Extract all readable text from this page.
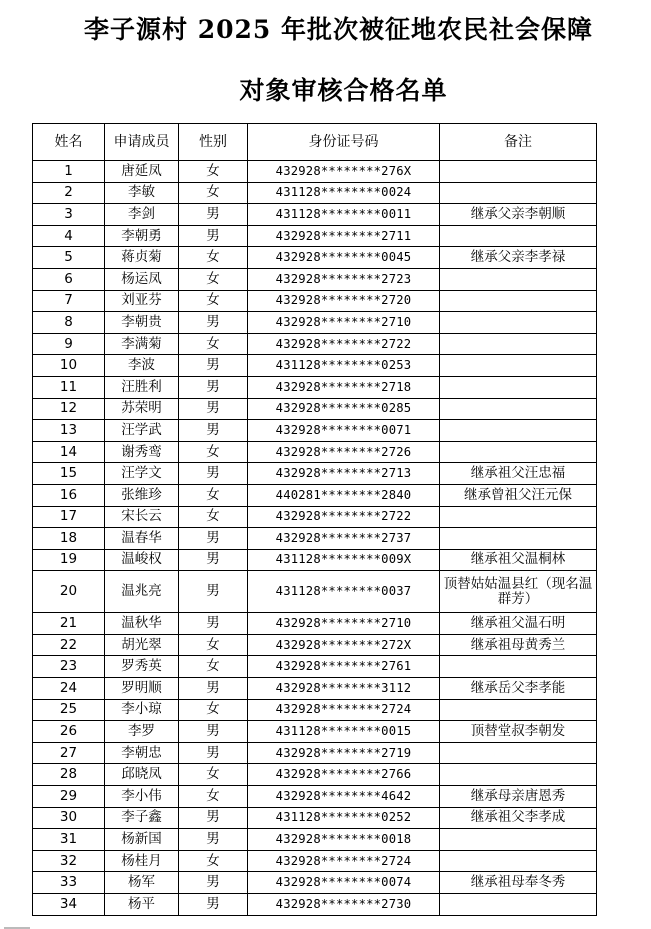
李子源村 2025 年批次被征地农民社会保障
对象审核合格名单
姓名	申请成员	性别	身份证号码	备注
1	唐延凤	女	432928********276X	
2	李敏	女	431128********0024	
3	李剑	男	431128********0011	继承父亲李朝顺
4	李朝勇	男	432928********2711	
5	蒋贞菊	女	432928********0045	继承父亲李孝禄
6	杨运凤	女	432928********2723	
7	刘亚芬	女	432928********2720	
8	李朝贵	男	432928********2710	
9	李满菊	女	432928********2722	
10	李波	男	431128********0253	
11	汪胜利	男	432928********2718	
12	苏荣明	男	432928********0285	
13	汪学武	男	432928********0071	
14	谢秀鸾	女	432928********2726	
15	汪学文	男	432928********2713	继承祖父汪忠福
16	张维珍	女	440281********2840	继承曾祖父汪元保
17	宋长云	女	432928********2722	
18	温春华	男	432928********2737	
19	温峻权	男	431128********009X	继承祖父温桐林
20	温兆亮	男	431128********0037	顶替姑姑温县红（现名温群芳）
21	温秋华	男	432928********2710	继承祖父温石明
22	胡光翠	女	432928********272X	继承祖母黄秀兰
23	罗秀英	女	432928********2761	
24	罗明顺	男	432928********3112	继承岳父李孝能
25	李小琼	女	432928********2724	
26	李罗	男	431128********0015	顶替堂叔李朝发
27	李朝忠	男	432928********2719	
28	邱晓凤	女	432928********2766	
29	李小伟	女	432928********4642	继承母亲唐恩秀
30	李子鑫	男	431128********0252	继承祖父李孝成
31	杨新国	男	432928********0018	
32	杨桂月	女	432928********2724	
33	杨军	男	432928********0074	继承祖母奉冬秀
34	杨平	男	432928********2730	
